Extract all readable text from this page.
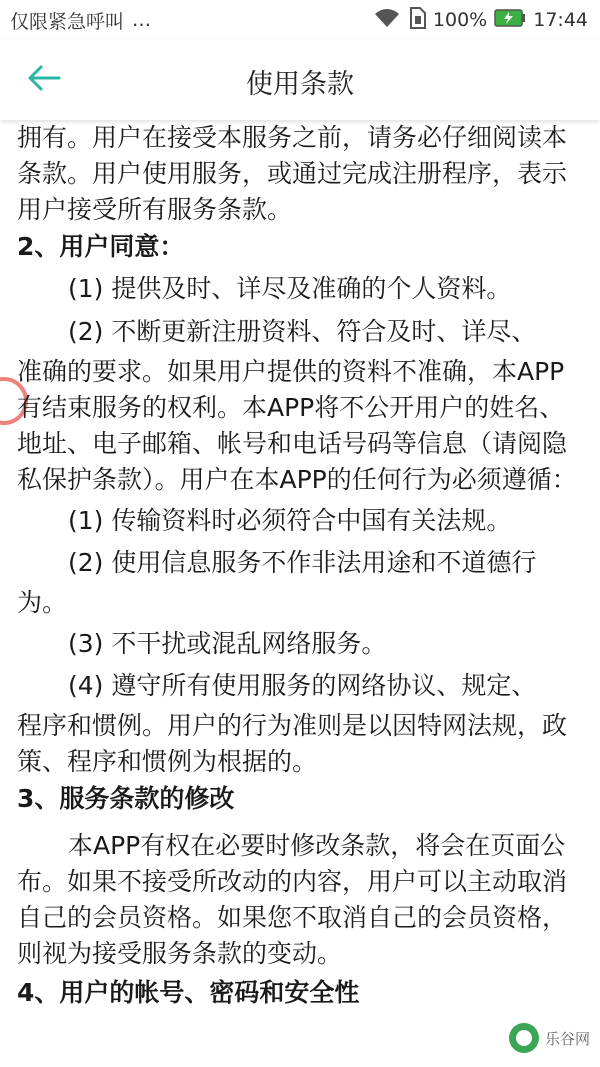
仅限紧急呼叫 …	100% 17:44
使用条款

拥有。用户在接受本服务之前，请务必仔细阅读本条款。用户使用服务，或通过完成注册程序，表示用户接受所有服务条款。

2、用户同意：

(1) 提供及时、详尽及准确的个人资料。

(2) 不断更新注册资料、符合及时、详尽、

准确的要求。如果用户提供的资料不准确，本APP有结束服务的权利。本APP将不公开用户的姓名、地址、电子邮箱、帐号和电话号码等信息（请阅隐私保护条款）。用户在本APP的任何行为必须遵循：

(1) 传输资料时必须符合中国有关法规。

(2) 使用信息服务不作非法用途和不道德行

为。

(3) 不干扰或混乱网络服务。

(4) 遵守所有使用服务的网络协议、规定、

程序和惯例。用户的行为准则是以因特网法规，政策、程序和惯例为根据的。

3、服务条款的修改

本APP有权在必要时修改条款，将会在页面公布。如果不接受所改动的内容，用户可以主动取消自己的会员资格。如果您不取消自己的会员资格，则视为接受服务条款的变动。

4、用户的帐号、密码和安全性

乐谷网
